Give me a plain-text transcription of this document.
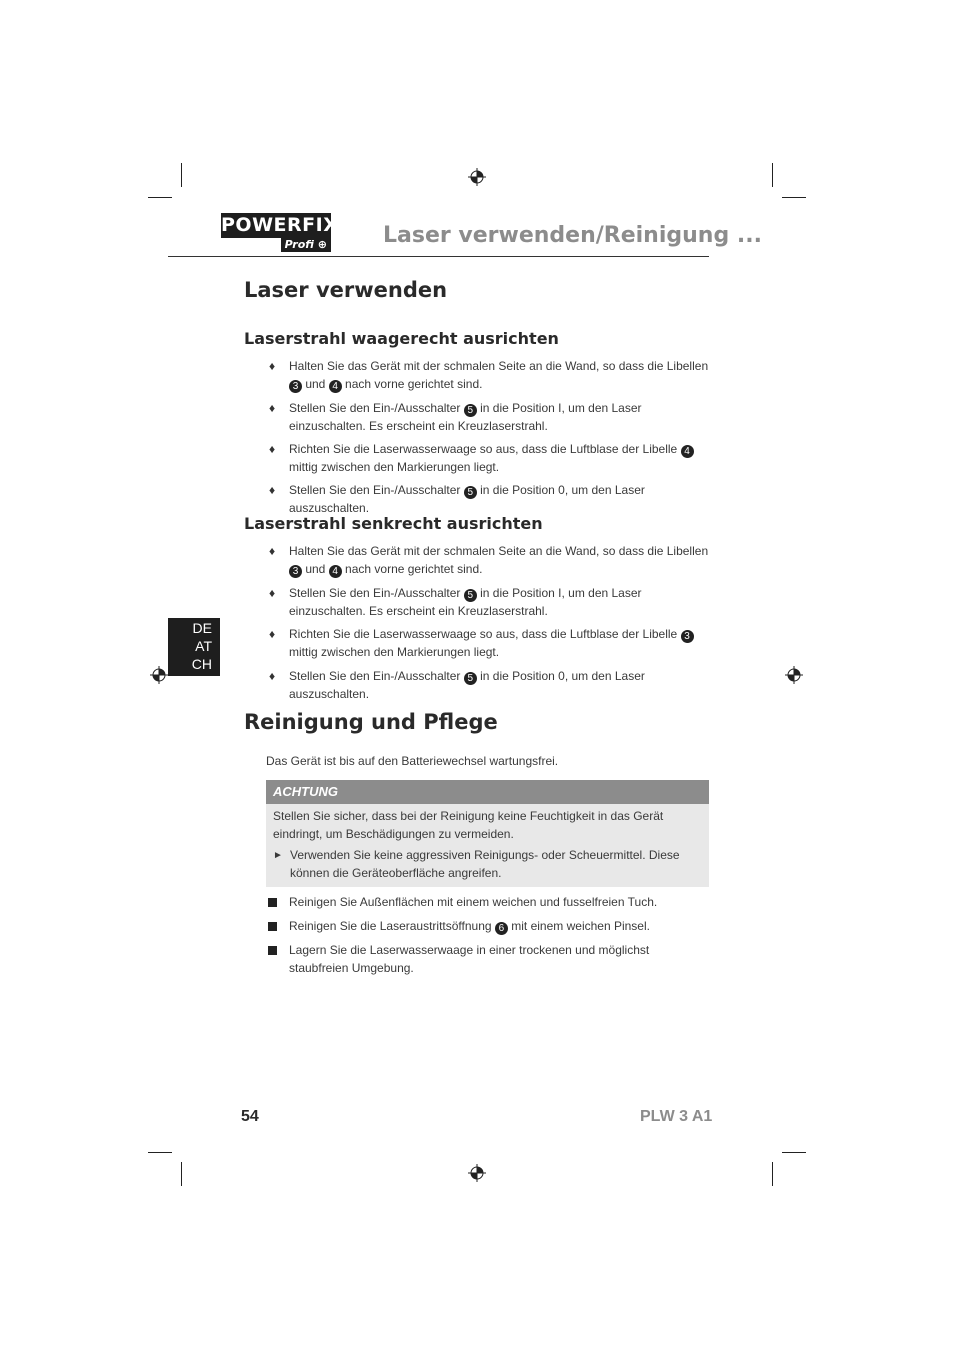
POWERFIX
Profi ⊕	Laser verwenden/Reinigung ...
Laser verwenden
Laserstrahl waagerecht ausrichten
♦ Halten Sie das Gerät mit der schmalen Seite an die Wand, so dass die Libellen 3 und 4 nach vorne gerichtet sind.
♦ Stellen Sie den Ein-/Ausschalter 5 in die Position I, um den Laser einzuschalten. Es erscheint ein Kreuzlaserstrahl.
♦ Richten Sie die Laserwasserwaage so aus, dass die Luftblase der Libelle 4 mittig zwischen den Markierungen liegt.
♦ Stellen Sie den Ein-/Ausschalter 5 in die Position 0, um den Laser auszuschalten.
Laserstrahl senkrecht ausrichten
♦ Halten Sie das Gerät mit der schmalen Seite an die Wand, so dass die Libellen 3 und 4 nach vorne gerichtet sind.
♦ Stellen Sie den Ein-/Ausschalter 5 in die Position I, um den Laser einzuschalten. Es erscheint ein Kreuzlaserstrahl.
♦ Richten Sie die Laserwasserwaage so aus, dass die Luftblase der Libelle 3 mittig zwischen den Markierungen liegt.
♦ Stellen Sie den Ein-/Ausschalter 5 in die Position 0, um den Laser auszuschalten.
DE
AT
CH
Reinigung und Pflege
Das Gerät ist bis auf den Batteriewechsel wartungsfrei.
ACHTUNG
Stellen Sie sicher, dass bei der Reinigung keine Feuchtigkeit in das Gerät eindringt, um Beschädigungen zu vermeiden.
► Verwenden Sie keine aggressiven Reinigungs- oder Scheuermittel. Diese können die Geräteoberfläche angreifen.
Reinigen Sie Außenflächen mit einem weichen und fusselfreien Tuch.
Reinigen Sie die Laseraustrittsöffnung 6 mit einem weichen Pinsel.
Lagern Sie die Laserwasserwaage in einer trockenen und möglichst staubfreien Umgebung.
54	PLW 3 A1
